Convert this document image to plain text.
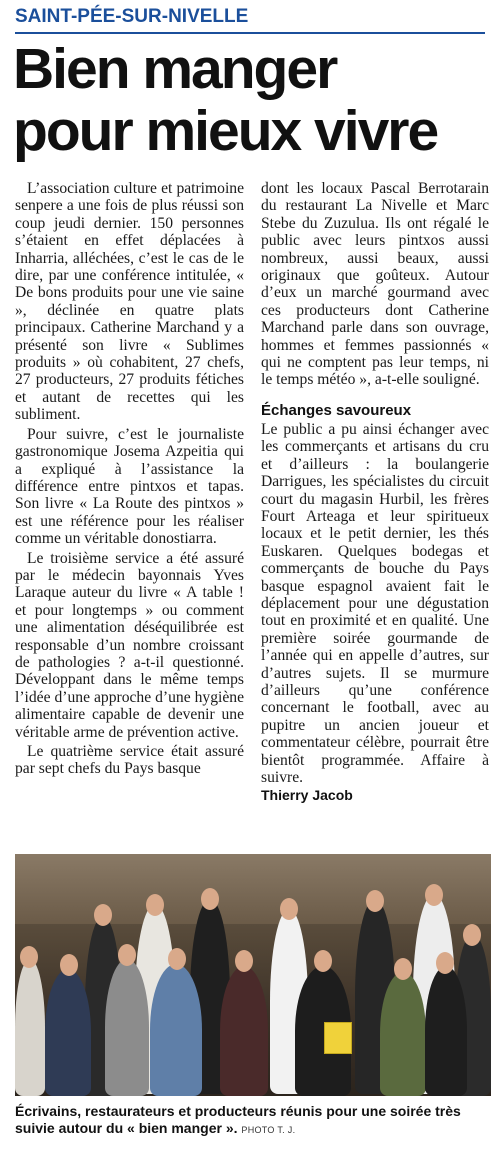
SAINT-PÉE-SUR-NIVELLE
Bien manger
pour mieux vivre

L’association culture et patrimoine senpere a une fois de plus réussi son coup jeudi dernier. 150 personnes s’étaient en effet déplacées à Inharria, alléchées, c’est le cas de le dire, par une conférence intitulée, « De bons produits pour une vie saine », déclinée en quatre plats principaux. Catherine Marchand y a présenté son livre « Sublimes produits » où cohabitent, 27 chefs, 27 producteurs, 27 produits fétiches et autant de recettes qui les subliment.

Pour suivre, c’est le journaliste gastronomique Josema Azpeitia qui a expliqué à l’assistance la différence entre pintxos et tapas. Son livre « La Route des pintxos » est une référence pour les réaliser comme un véritable donostiarra.

Le troisième service a été assuré par le médecin bayonnais Yves Laraque auteur du livre « A table ! et pour longtemps » ou comment une alimentation déséquilibrée est responsable d’un nombre croissant de pathologies ? a-t-il questionné. Développant dans le même temps l’idée d’une approche d’une hygiène alimentaire capable de devenir une véritable arme de prévention active.

Le quatrième service était assuré par sept chefs du Pays basque

dont les locaux Pascal Berrotarain du restaurant La Nivelle et Marc Stebe du Zuzulua. Ils ont régalé le public avec leurs pintxos aussi nombreux, aussi beaux, aussi originaux que goûteux. Autour d’eux un marché gourmand avec ces producteurs dont Catherine Marchand parle dans son ouvrage, hommes et femmes passionnés « qui ne comptent pas leur temps, ni le temps météo », a-t-elle souligné.

Échanges savoureux

Le public a pu ainsi échanger avec les commerçants et artisans du cru et d’ailleurs : la boulangerie Darrigues, les spécialistes du circuit court du magasin Hurbil, les frères Fourt Arteaga et leur spiritueux locaux et le petit dernier, les thés Euskaren. Quelques bodegas et commerçants de bouche du Pays basque espagnol avaient fait le déplacement pour une dégustation tout en proximité et en qualité. Une première soirée gourmande de l’année qui en appelle d’autres, sur d’autres sujets. Il se murmure d’ailleurs qu’une conférence concernant le football, avec au pupitre un ancien joueur et commentateur célèbre, pourrait être bientôt programmée. Affaire à suivre.

Thierry Jacob
Écrivains, restaurateurs et producteurs réunis pour une soirée très suivie autour du « bien manger ». PHOTO T. J.
